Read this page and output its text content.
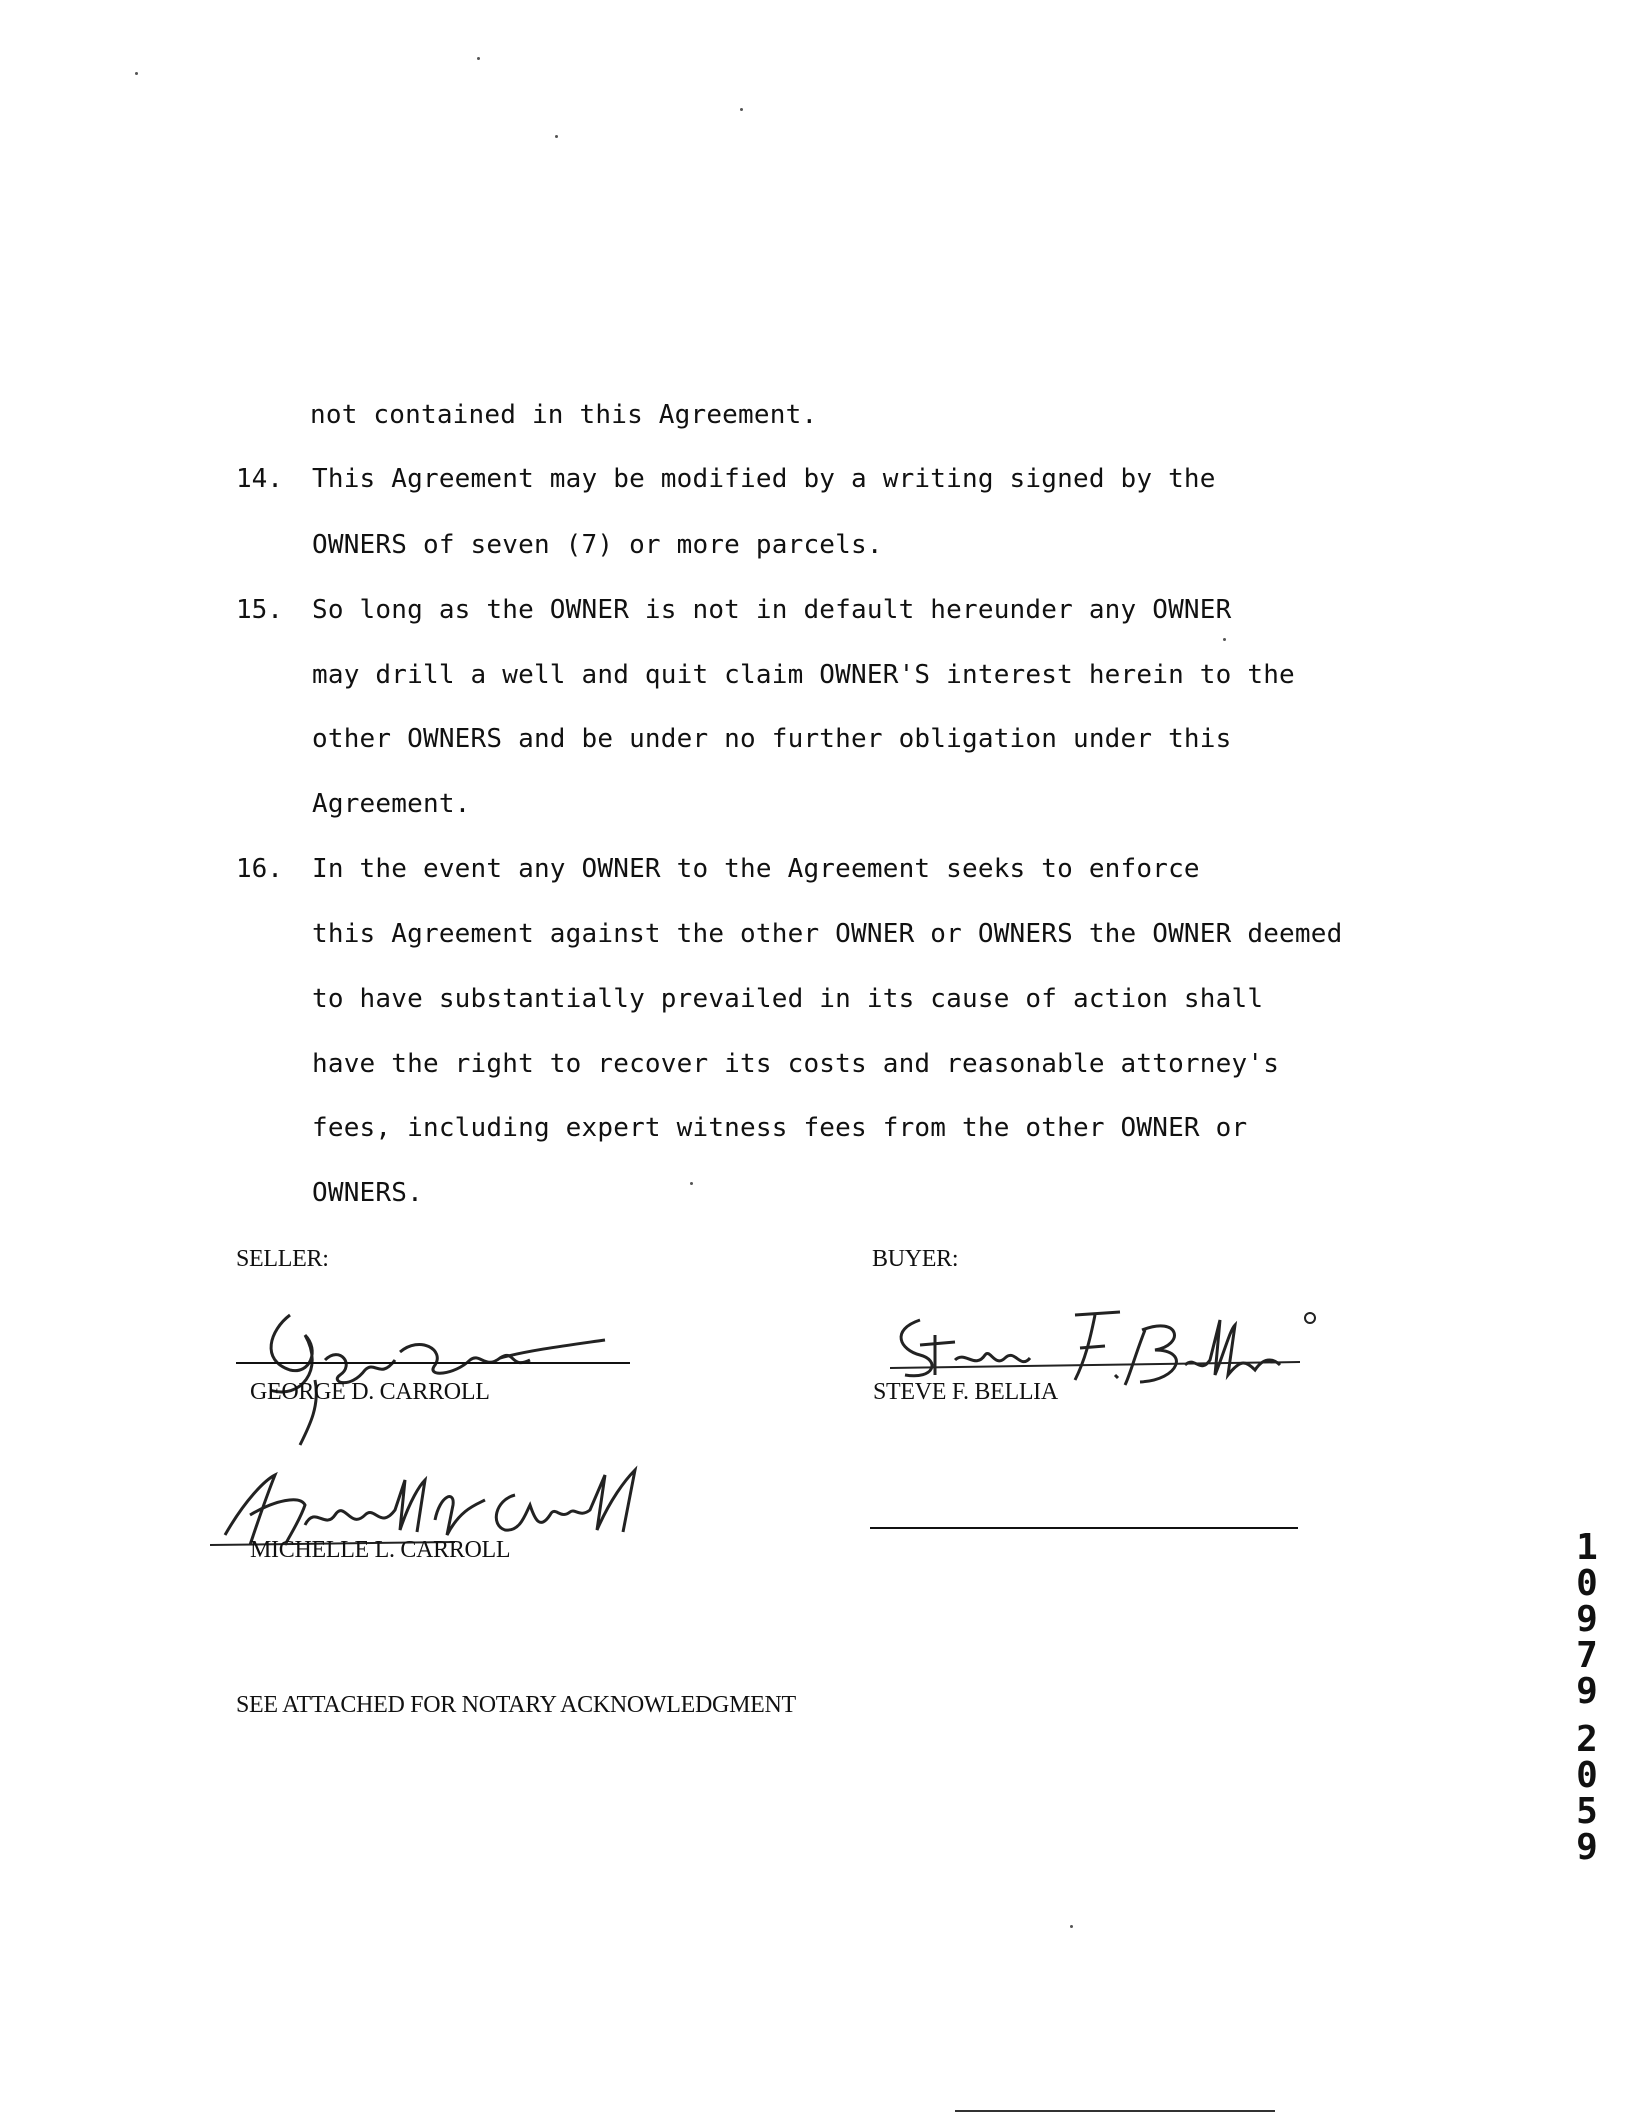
not contained in this Agreement.
14. This Agreement may be modified by a writing signed by the
OWNERS of seven (7) or more parcels.
15. So long as the OWNER is not in default hereunder any OWNER
may drill a well and quit claim OWNER'S interest herein to the
other OWNERS and be under no further obligation under this
Agreement.
16. In the event any OWNER to the Agreement seeks to enforce
this Agreement against the other OWNER or OWNERS the OWNER deemed
to have substantially prevailed in its cause of action shall
have the right to recover its costs and reasonable attorney's
fees, including expert witness fees from the other OWNER or
OWNERS.
SELLER:	BUYER:
GEORGE D. CARROLL	STEVE F. BELLIA
MICHELLE L. CARROLL
SEE ATTACHED FOR NOTARY ACKNOWLEDGMENT
1
0
9
7
9
2
0
5
9
